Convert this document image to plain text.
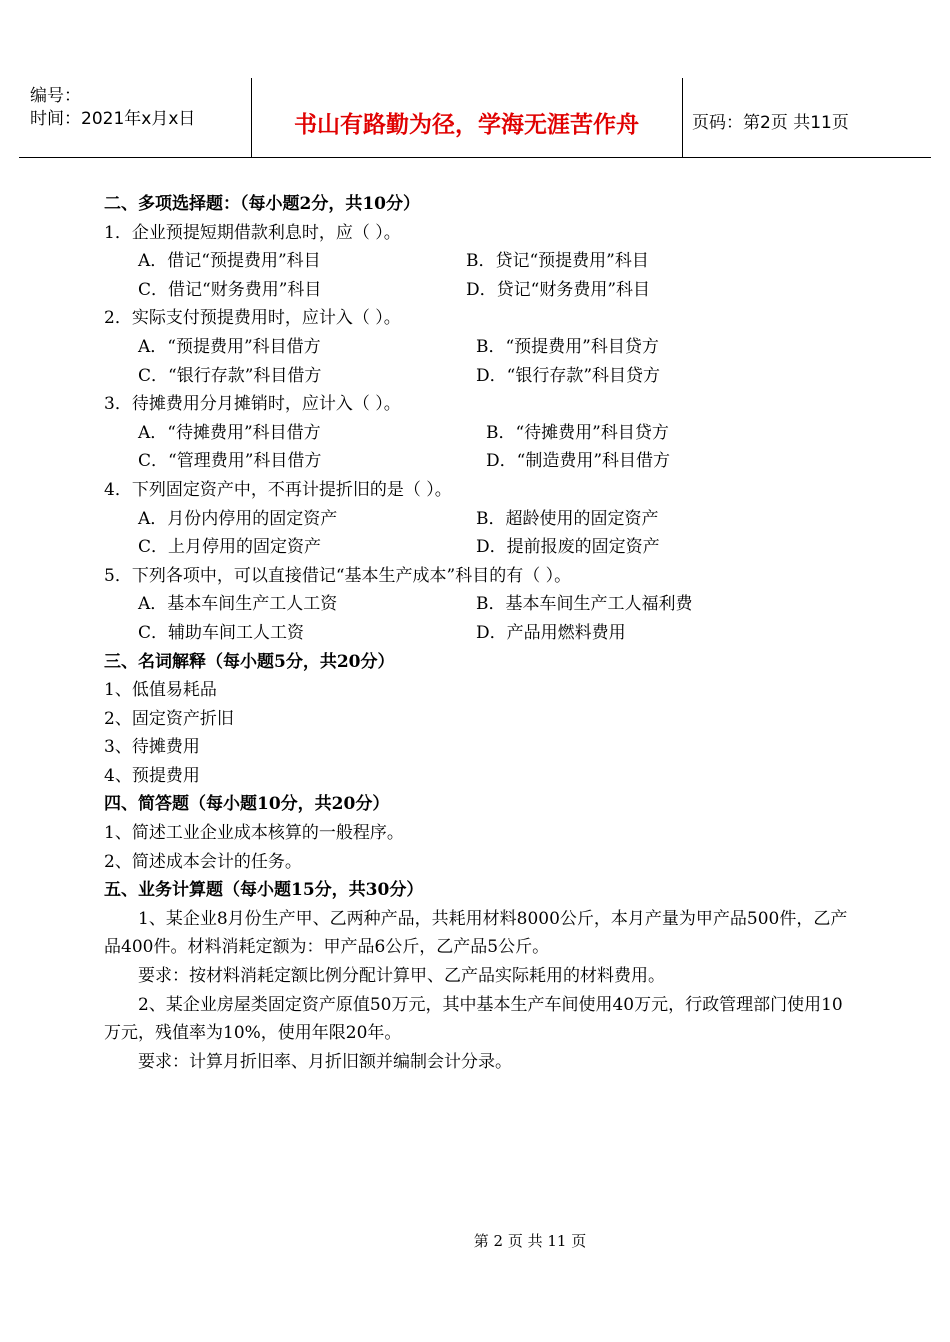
编号：
时间：2021年x月x日	书山有路勤为径，学海无涯苦作舟	页码：第2页 共11页
二、多项选择题：（每小题2分，共10分）
1．企业预提短期借款利息时，应（ ）。
A．借记“预提费用”科目	B．贷记“预提费用”科目
C．借记“财务费用”科目	D．贷记“财务费用”科目
2．实际支付预提费用时，应计入（ ）。
A．“预提费用”科目借方	B．“预提费用”科目贷方
C．“银行存款”科目借方	D．“银行存款”科目贷方
3．待摊费用分月摊销时，应计入（ ）。
A．“待摊费用”科目借方	B．“待摊费用”科目贷方
C．“管理费用”科目借方	D．“制造费用”科目借方
4．下列固定资产中，不再计提折旧的是（ ）。
A．月份内停用的固定资产	B．超龄使用的固定资产
C．上月停用的固定资产	D．提前报废的固定资产
5．下列各项中，可以直接借记“基本生产成本”科目的有（ ）。
A．基本车间生产工人工资	B．基本车间生产工人福利费
C．辅助车间工人工资	D．产品用燃料费用
三、名词解释（每小题5分，共20分）
1、低值易耗品
2、固定资产折旧
3、待摊费用
4、预提费用
四、简答题（每小题10分，共20分）
1、简述工业企业成本核算的一般程序。
2、简述成本会计的任务。
五、业务计算题（每小题15分，共30分）
1、某企业8月份生产甲、乙两种产品，共耗用材料8000公斤，本月产量为甲产品500件，乙产品400件。材料消耗定额为：甲产品6公斤，乙产品5公斤。
要求：按材料消耗定额比例分配计算甲、乙产品实际耗用的材料费用。
2、某企业房屋类固定资产原值50万元，其中基本生产车间使用40万元，行政管理部门使用10万元，残值率为10%，使用年限20年。
要求：计算月折旧率、月折旧额并编制会计分录。
第 2 页 共 11 页
